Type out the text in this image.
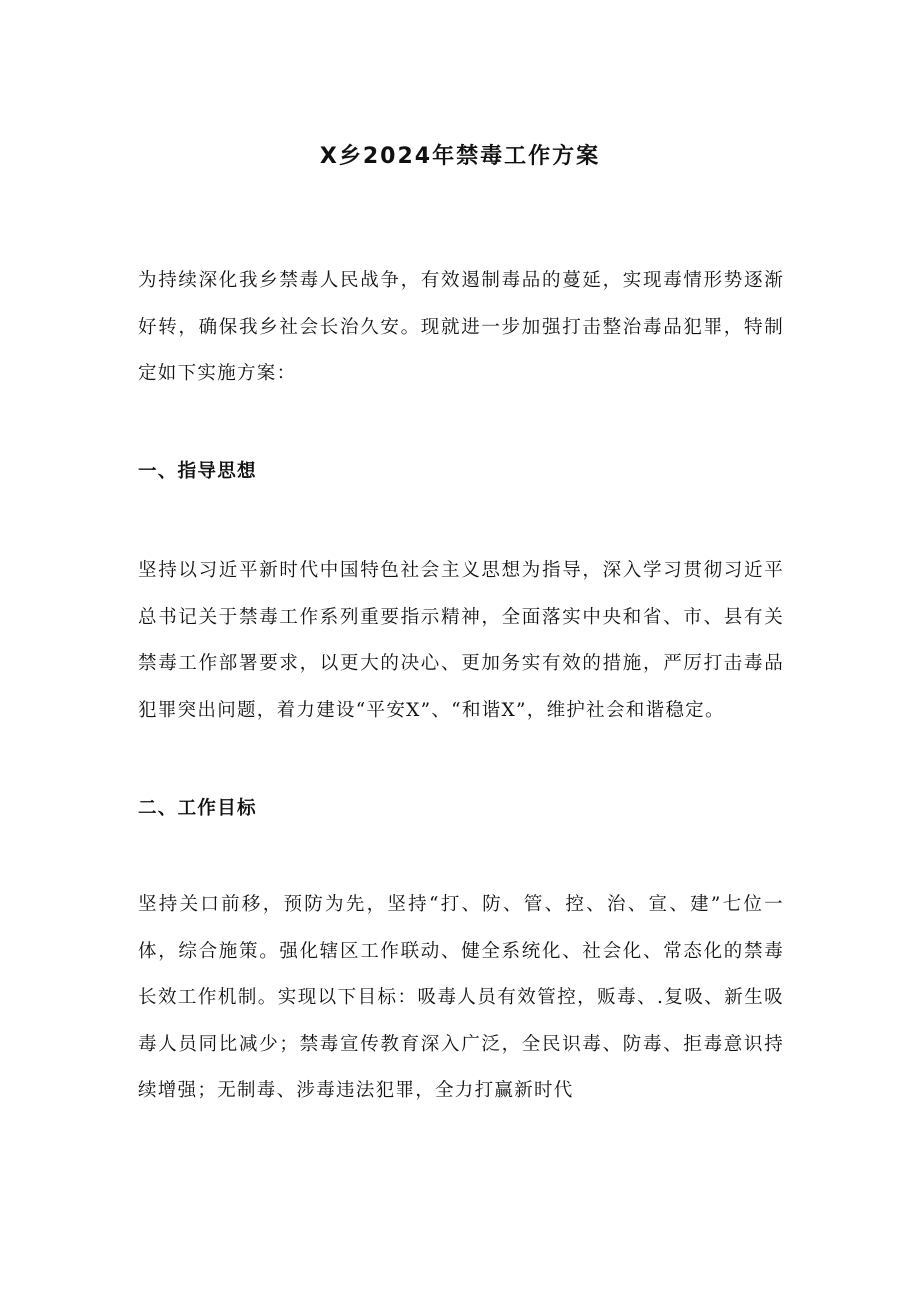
X乡2024年禁毒工作方案

为持续深化我乡禁毒人民战争，有效遏制毒品的蔓延，实现毒情形势逐渐好转，确保我乡社会长治久安。现就进一步加强打击整治毒品犯罪，特制定如下实施方案：

一、指导思想

坚持以习近平新时代中国特色社会主义思想为指导，深入学习贯彻习近平总书记关于禁毒工作系列重要指示精神，全面落实中央和省、市、县有关禁毒工作部署要求，以更大的决心、更加务实有效的措施，严厉打击毒品犯罪突出问题，着力建设“平安X”、“和谐X”，维护社会和谐稳定。

二、工作目标

坚持关口前移，预防为先，坚持“打、防、管、控、治、宣、建”七位一体，综合施策。强化辖区工作联动、健全系统化、社会化、常态化的禁毒长效工作机制。实现以下目标：吸毒人员有效管控，贩毒、.复吸、新生吸毒人员同比减少；禁毒宣传教育深入广泛，全民识毒、防毒、拒毒意识持续增强；无制毒、涉毒违法犯罪，全力打赢新时代
